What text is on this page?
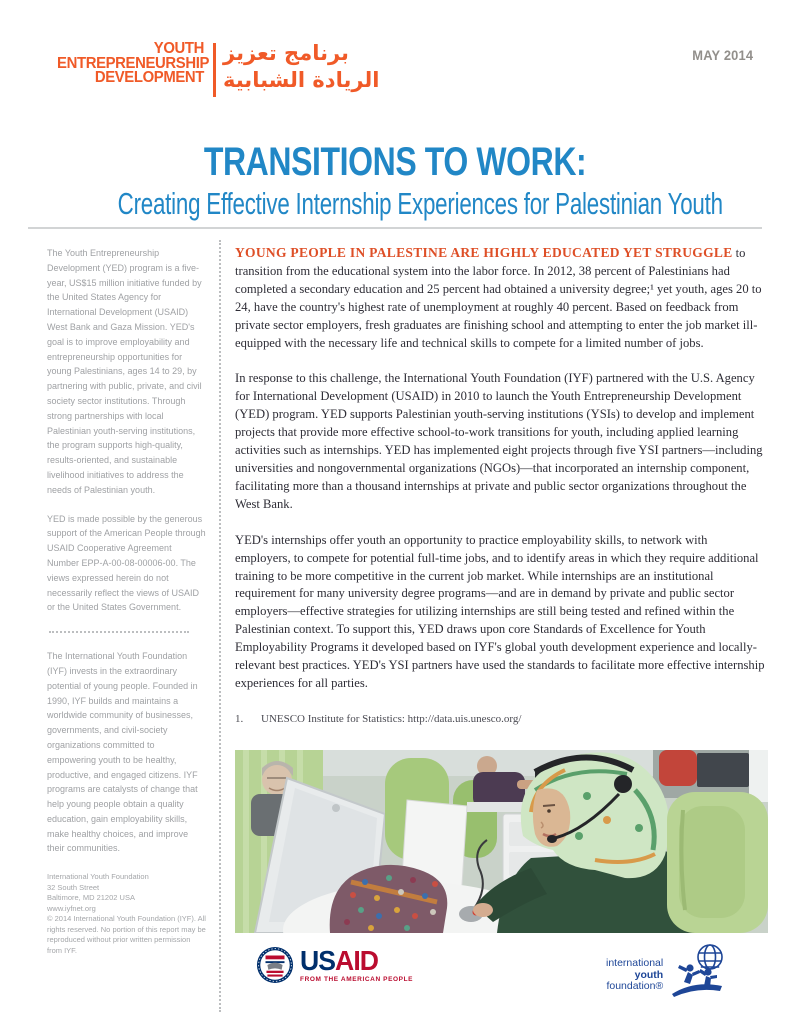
YOUTH
ENTREPRENEURSHIP
DEVELOPMENT
برنامج تعزيز
الريادة الشبابية
MAY 2014
TRANSITIONS TO WORK:
Creating Effective Internship Experiences for Palestinian Youth

The Youth Entrepreneurship Development (YED) program is a five-year, US$15 million initiative funded by the United States Agency for International Development (USAID) West Bank and Gaza Mission. YED's goal is to improve employability and entrepreneurship opportunities for young Palestinians, ages 14 to 29, by partnering with public, private, and civil society sector institutions. Through strong partnerships with local Palestinian youth-serving institutions, the program supports high-quality, results-oriented, and sustainable livelihood initiatives to address the needs of Palestinian youth.

YED is made possible by the generous support of the American People through USAID Cooperative Agreement Number EPP-A-00-08-00006-00. The views expressed herein do not necessarily reflect the views of USAID or the United States Government.

The International Youth Foundation (IYF) invests in the extraordinary potential of young people. Founded in 1990, IYF builds and maintains a worldwide community of businesses, governments, and civil-society organizations committed to empowering youth to be healthy, productive, and engaged citizens. IYF programs are catalysts of change that help young people obtain a quality education, gain employability skills, make healthy choices, and improve their communities.

International Youth Foundation
32 South Street
Baltimore, MD 21202 USA
www.iyfnet.org

© 2014 International Youth Foundation (IYF). All rights reserved. No portion of this report may be reproduced without prior written permission from IYF.

YOUNG PEOPLE IN PALESTINE ARE HIGHLY EDUCATED YET STRUGGLE to transition from the educational system into the labor force. In 2012, 38 percent of Palestinians had completed a secondary education and 25 percent had obtained a university degree;¹ yet youth, ages 20 to 24, have the country's highest rate of unemployment at roughly 40 percent. Based on feedback from private sector employers, fresh graduates are finishing school and attempting to enter the job market ill-equipped with the necessary life and technical skills to compete for a limited number of jobs.

In response to this challenge, the International Youth Foundation (IYF) partnered with the U.S. Agency for International Development (USAID) in 2010 to launch the Youth Entrepreneurship Development (YED) program. YED supports Palestinian youth-serving institutions (YSIs) to develop and implement projects that provide more effective school-to-work transitions for youth, including applied learning activities such as internships. YED has implemented eight projects through five YSI partners—including universities and nongovernmental organizations (NGOs)—that incorporated an internship component, facilitating more than a thousand internships at private and public sector organizations throughout the West Bank.

YED's internships offer youth an opportunity to practice employability skills, to network with employers, to compete for potential full-time jobs, and to identify areas in which they require additional training to be more competitive in the current job market. While internships are an institutional requirement for many university degree programs—and are in demand by private and public sector employers—effective strategies for utilizing internships are still being tested and refined within the Palestinian context. To support this, YED draws upon core Standards of Excellence for Youth Employability Programs it developed based on IYF's global youth development experience and locally-relevant best practices. YED's YSI partners have used the standards to facilitate more effective internship experiences for all parties.

1. UNESCO Institute for Statistics: http://data.uis.unesco.org/
USAID
FROM THE AMERICAN PEOPLE
international
youth
foundation®
